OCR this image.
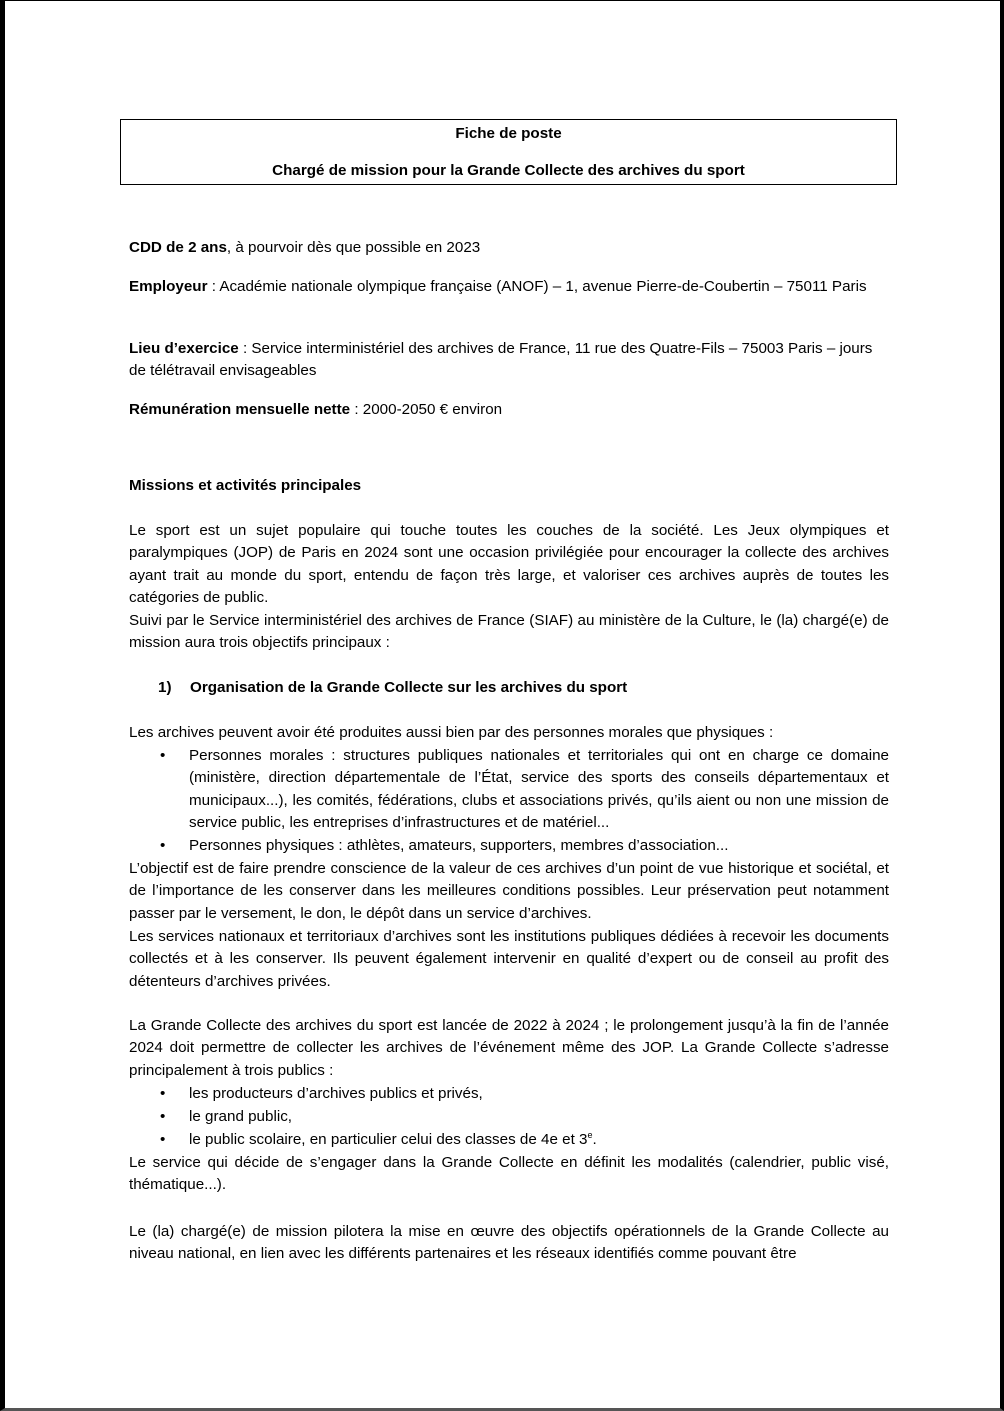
Fiche de poste
Chargé de mission pour la Grande Collecte des archives du sport
CDD de 2 ans, à pourvoir dès que possible en 2023
Employeur : Académie nationale olympique française (ANOF) – 1, avenue Pierre-de-Coubertin – 75011 Paris
Lieu d’exercice : Service interministériel des archives de France, 11 rue des Quatre-Fils – 75003 Paris – jours de télétravail envisageables
Rémunération mensuelle nette : 2000-2050 € environ
Missions et activités principales
Le sport est un sujet populaire qui touche toutes les couches de la société. Les Jeux olympiques et paralympiques (JOP) de Paris en 2024 sont une occasion privilégiée pour encourager la collecte des archives ayant trait au monde du sport, entendu de façon très large, et valoriser ces archives auprès de toutes les catégories de public.
Suivi par le Service interministériel des archives de France (SIAF) au ministère de la Culture, le (la) chargé(e) de mission aura trois objectifs principaux :
1) Organisation de la Grande Collecte sur les archives du sport
Les archives peuvent avoir été produites aussi bien par des personnes morales que physiques :
• Personnes morales : structures publiques nationales et territoriales qui ont en charge ce domaine (ministère, direction départementale de l’État, service des sports des conseils départementaux et municipaux...), les comités, fédérations, clubs et associations privés, qu’ils aient ou non une mission de service public, les entreprises d’infrastructures et de matériel...
• Personnes physiques : athlètes, amateurs, supporters, membres d’association...
L’objectif est de faire prendre conscience de la valeur de ces archives d’un point de vue historique et sociétal, et de l’importance de les conserver dans les meilleures conditions possibles. Leur préservation peut notamment passer par le versement, le don, le dépôt dans un service d’archives.
Les services nationaux et territoriaux d’archives sont les institutions publiques dédiées à recevoir les documents collectés et à les conserver. Ils peuvent également intervenir en qualité d’expert ou de conseil au profit des détenteurs d’archives privées.
La Grande Collecte des archives du sport est lancée de 2022 à 2024 ; le prolongement jusqu’à la fin de l’année 2024 doit permettre de collecter les archives de l’événement même des JOP. La Grande Collecte s’adresse principalement à trois publics :
• les producteurs d’archives publics et privés,
• le grand public,
• le public scolaire, en particulier celui des classes de 4e et 3e.
Le service qui décide de s’engager dans la Grande Collecte en définit les modalités (calendrier, public visé, thématique...).
Le (la) chargé(e) de mission pilotera la mise en œuvre des objectifs opérationnels de la Grande Collecte au niveau national, en lien avec les différents partenaires et les réseaux identifiés comme pouvant être
